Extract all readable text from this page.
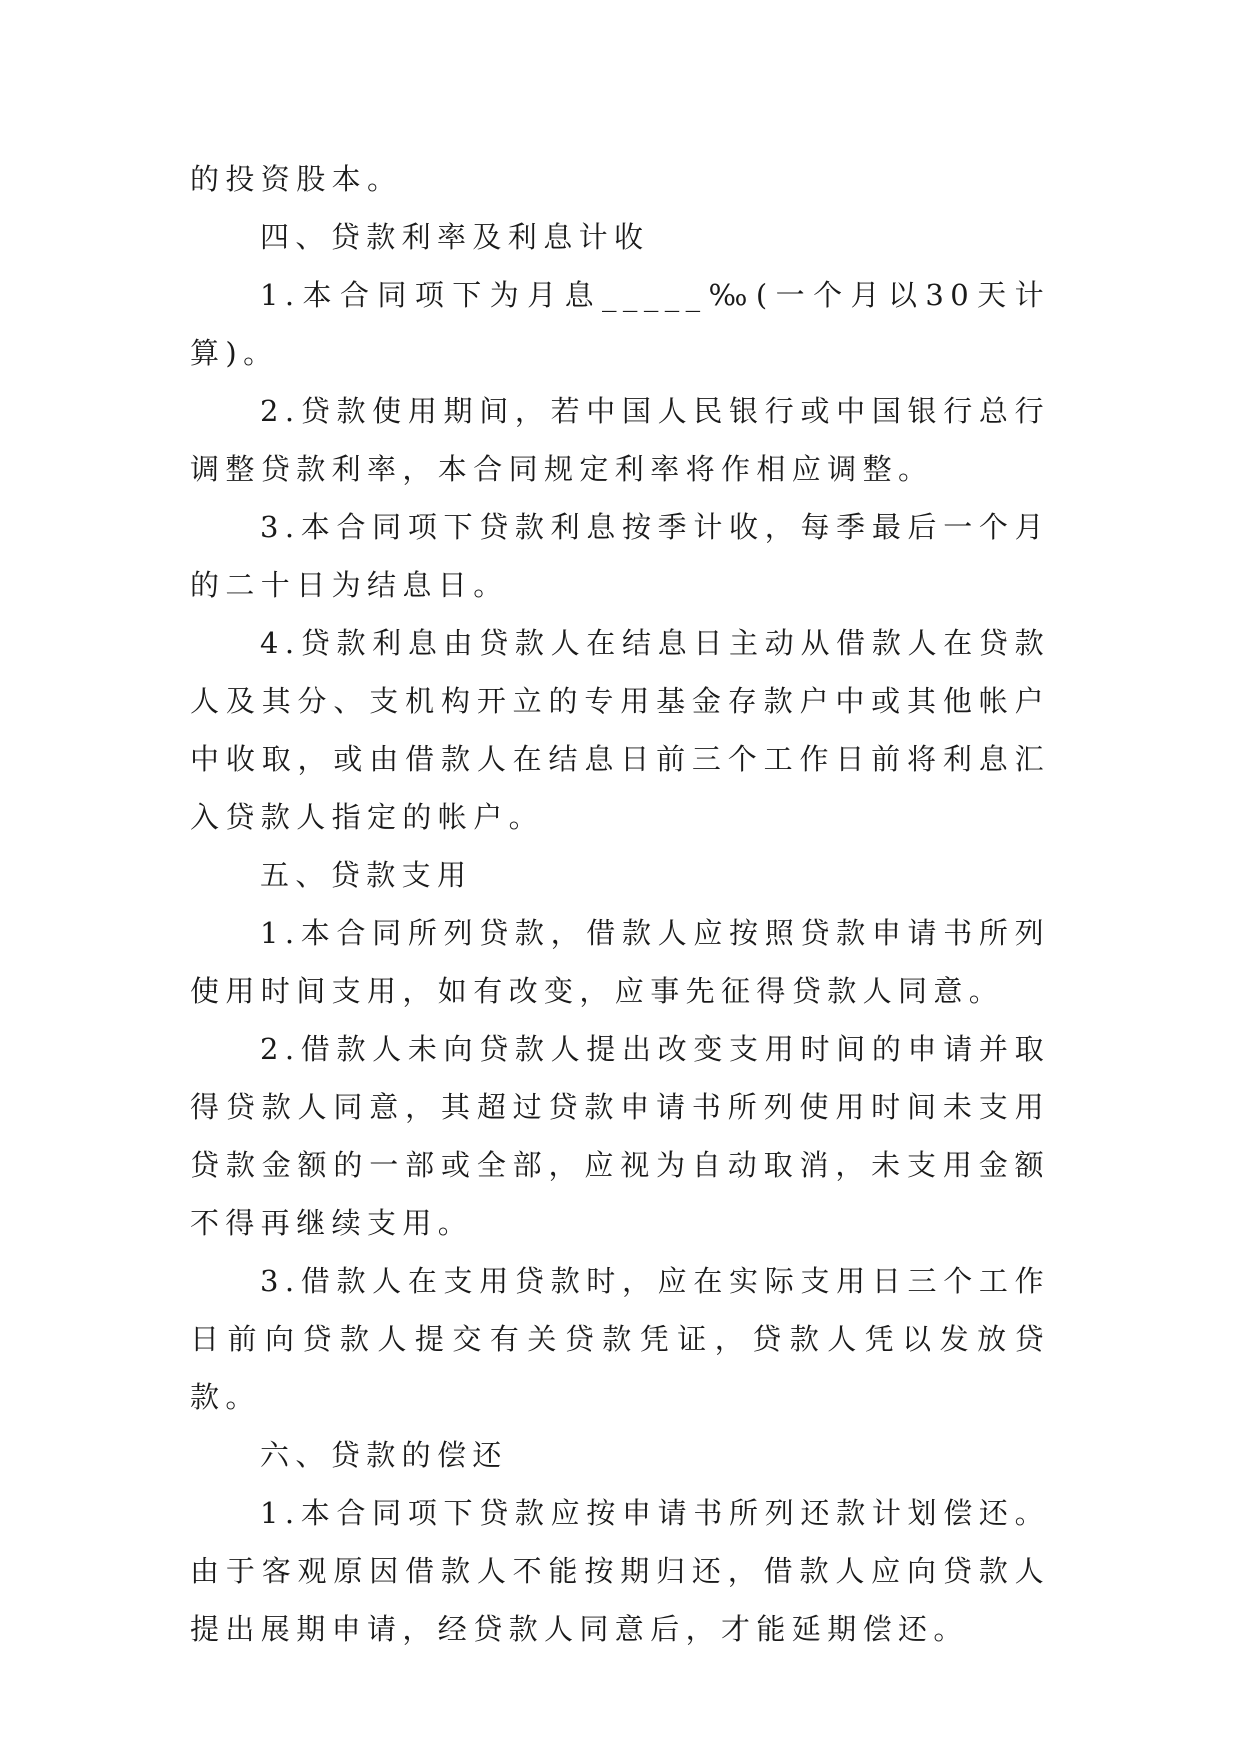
的投资股本。

四、贷款利率及利息计收

1.本合同项下为月息_____‰(一个月以30天计算)。

2.贷款使用期间，若中国人民银行或中国银行总行调整贷款利率，本合同规定利率将作相应调整。

3.本合同项下贷款利息按季计收，每季最后一个月的二十日为结息日。

4.贷款利息由贷款人在结息日主动从借款人在贷款人及其分、支机构开立的专用基金存款户中或其他帐户中收取，或由借款人在结息日前三个工作日前将利息汇入贷款人指定的帐户。

五、贷款支用

1.本合同所列贷款，借款人应按照贷款申请书所列使用时间支用，如有改变，应事先征得贷款人同意。

2.借款人未向贷款人提出改变支用时间的申请并取得贷款人同意，其超过贷款申请书所列使用时间未支用贷款金额的一部或全部，应视为自动取消，未支用金额不得再继续支用。

3.借款人在支用贷款时，应在实际支用日三个工作日前向贷款人提交有关贷款凭证，贷款人凭以发放贷款。

六、贷款的偿还

1.本合同项下贷款应按申请书所列还款计划偿还。由于客观原因借款人不能按期归还，借款人应向贷款人提出展期申请，经贷款人同意后，才能延期偿还。
